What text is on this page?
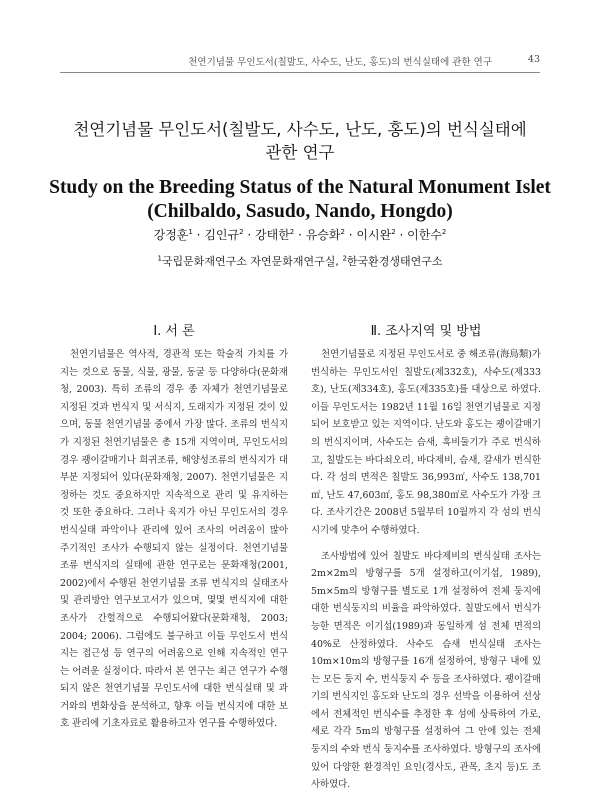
천연기념물 무인도서(칠발도, 사수도, 난도, 홍도)의 번식실태에 관한 연구	43
천연기념물 무인도서(칠발도, 사수도, 난도, 홍도)의 번식실태에
관한 연구
Study on the Breeding Status of the Natural Monument Islet
(Chilbaldo, Sasudo, Nando, Hongdo)
강정훈$^1$ · 김인규$^2$ · 강태한$^2$ · 유승화$^2$ · 이시완$^2$ · 이한수$^2$
$^1$국립문화재연구소 자연문화재연구실, $^2$한국환경생태연구소
Ⅰ. 서 론	Ⅱ. 조사지역 및 방법

천연기념물은 역사적, 경관적 또는 학술적 가치를 가지는 것으로 동물, 식물, 광물, 동굴 등 다양하다(문화재청, 2003). 특히 조류의 경우 종 자체가 천연기념물로 지정된 것과 번식지 및 서식지, 도래지가 지정된 것이 있으며, 동물 천연기념물 중에서 가장 많다. 조류의 번식지가 지정된 천연기념물은 총 15개 지역이며, 무인도서의 경우 괭이갈매기나 희귀조류, 해양성조류의 번식지가 대부분 지정되어 있다(문화재청, 2007). 천연기념물은 지정하는 것도 중요하지만 지속적으로 관리 및 유지하는 것 또한 중요하다. 그러나 육지가 아닌 무인도서의 경우 번식실태 파악이나 관리에 있어 조사의 어려움이 많아 주기적인 조사가 수행되지 않는 실정이다. 천연기념물 조류 번식지의 실태에 관한 연구로는 문화재청(2001, 2002)에서 수행된 천연기념물 조류 번식지의 실태조사 및 관리방안 연구보고서가 있으며, 몇몇 번식지에 대한 조사가 간헐적으로 수행되어왔다(문화재청, 2003; 2004; 2006). 그럼에도 불구하고 이들 무인도서 번식지는 접근성 등 연구의 어려움으로 인해 지속적인 연구는 어려운 실정이다. 따라서 본 연구는 최근 연구가 수행되지 않은 천연기념물 무인도서에 대한 번식실태 및 과거와의 변화상을 분석하고, 향후 이들 번식지에 대한 보호 관리에 기초자료로 활용하고자 연구를 수행하였다.

천연기념물로 지정된 무인도서로 중 해조류(海鳥類)가 번식하는 무인도서인 칠발도(제332호), 사수도(제333호), 난도(제334호), 홍도(제335호)를 대상으로 하였다. 이들 무인도서는 1982년 11월 16일 천연기념물로 지정되어 보호받고 있는 지역이다. 난도와 홍도는 괭이갈매기의 번식지이며, 사수도는 슴새, 흑비둘기가 주로 번식하고, 칠발도는 바다쇠오리, 바다제비, 슴새, 칼새가 번식한다. 각 섬의 면적은 칠발도 36,993㎡, 사수도 138,701㎡, 난도 47,603㎡, 홍도 98,380㎡로 사수도가 가장 크다. 조사기간은 2008년 5월부터 10월까지 각 섬의 번식시기에 맞추어 수행하였다.

조사방법에 있어 칠발도 바다제비의 번식실태 조사는 2m×2m의 방형구를 5개 설정하고(이기섭, 1989), 5m×5m의 방형구를 별도로 1개 설정하여 전체 둥지에 대한 번식둥지의 비율을 파악하였다. 칠발도에서 번식가능한 면적은 이기섭(1989)과 동일하게 섬 전체 면적의 40%로 산정하였다. 사수도 슴새 번식실태 조사는 10m×10m의 방형구를 16개 설정하여, 방형구 내에 있는 모든 둥지 수, 번식둥지 수 등을 조사하였다. 괭이갈매기의 번식지인 홍도와 난도의 경우 선박을 이용하여 선상에서 전체적인 번식수를 추정한 후 섬에 상륙하여 가로, 세로 각각 5m의 방형구를 설정하여 그 안에 있는 전체 둥지의 수와 번식 둥지수를 조사하였다. 방형구의 조사에 있어 다양한 환경적인 요인(경사도, 관목, 초지 등)도 조사하였다.
